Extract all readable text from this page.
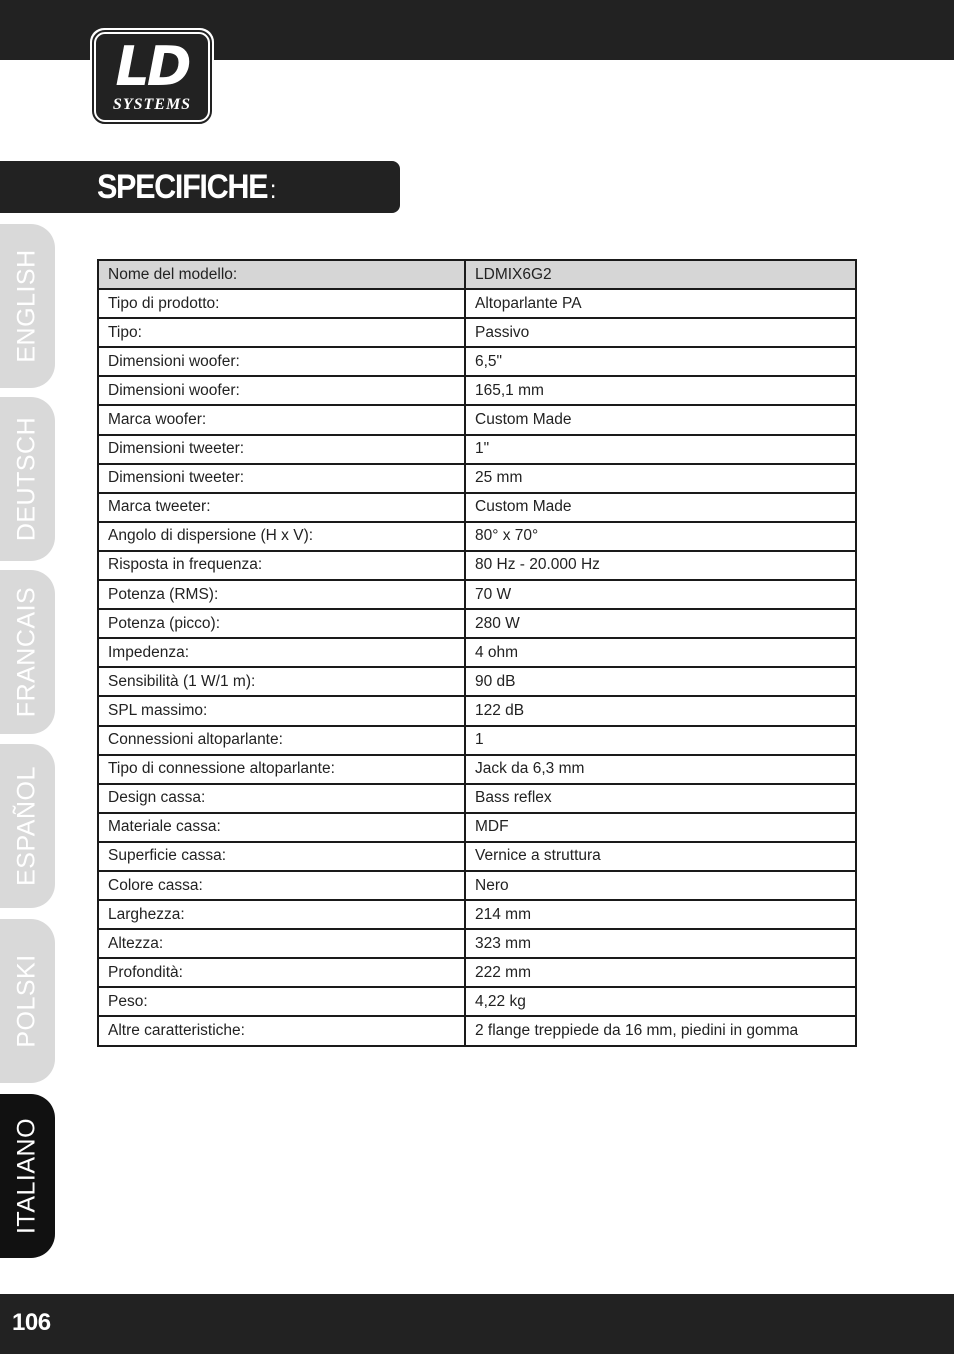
LD
SYSTEMS
SPECIFICHE :
ENGLISH
DEUTSCH
FRANCAIS
ESPAÑOL
POLSKI
ITALIANO
Nome del modello:	LDMIX6G2
Tipo di prodotto:	Altoparlante PA
Tipo:	Passivo
Dimensioni woofer:	6,5"
Dimensioni woofer:	165,1 mm
Marca woofer:	Custom Made
Dimensioni tweeter:	1"
Dimensioni tweeter:	25 mm
Marca tweeter:	Custom Made
Angolo di dispersione (H x V):	80° x 70°
Risposta in frequenza:	80 Hz - 20.000 Hz
Potenza (RMS):	70 W
Potenza (picco):	280 W
Impedenza:	4 ohm
Sensibilità (1 W/1 m):	90 dB
SPL massimo:	122 dB
Connessioni altoparlante:	1
Tipo di connessione altoparlante:	Jack da 6,3 mm
Design cassa:	Bass reflex
Materiale cassa:	MDF
Superficie cassa:	Vernice a struttura
Colore cassa:	Nero
Larghezza:	214 mm
Altezza:	323 mm
Profondità:	222 mm
Peso:	4,22 kg
Altre caratteristiche:	2 flange treppiede da 16 mm, piedini in gomma
106
